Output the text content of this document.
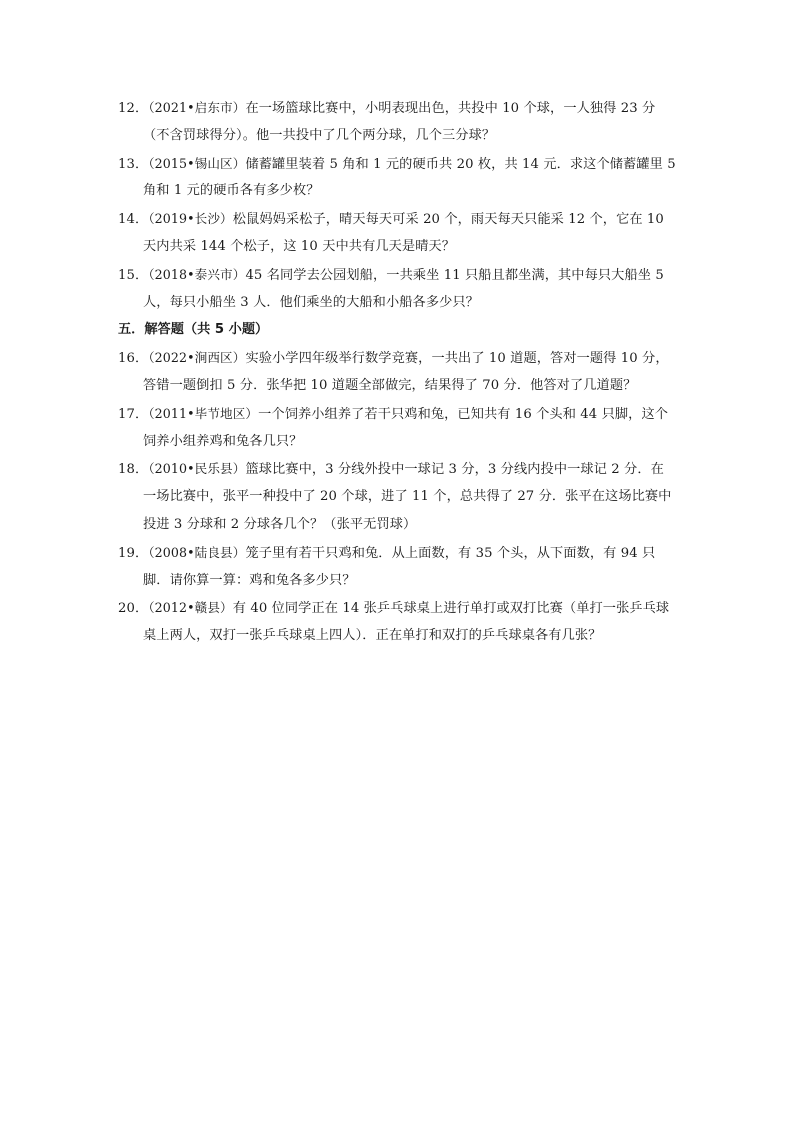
12．（2021•启东市）在一场篮球比赛中，小明表现出色，共投中 10 个球，一人独得 23 分
（不含罚球得分）。他一共投中了几个两分球，几个三分球？
13．（2015•锡山区）储蓄罐里装着 5 角和 1 元的硬币共 20 枚，共 14 元．求这个储蓄罐里 5
角和 1 元的硬币各有多少枚？
14．（2019•长沙）松鼠妈妈采松子，晴天每天可采 20 个，雨天每天只能采 12 个，它在 10
天内共采 144 个松子，这 10 天中共有几天是晴天？
15．（2018•泰兴市）45 名同学去公园划船，一共乘坐 11 只船且都坐满，其中每只大船坐 5
人，每只小船坐 3 人．他们乘坐的大船和小船各多少只？
五．解答题（共 5 小题）
16．（2022•涧西区）实验小学四年级举行数学竞赛，一共出了 10 道题，答对一题得 10 分，
答错一题倒扣 5 分．张华把 10 道题全部做完，结果得了 70 分．他答对了几道题？
17．（2011•毕节地区）一个饲养小组养了若干只鸡和兔，已知共有 16 个头和 44 只脚，这个
饲养小组养鸡和兔各几只？
18．（2010•民乐县）篮球比赛中，3 分线外投中一球记 3 分，3 分线内投中一球记 2 分．在
一场比赛中，张平一种投中了 20 个球，进了 11 个，总共得了 27 分．张平在这场比赛中
投进 3 分球和 2 分球各几个？（张平无罚球）
19．（2008•陆良县）笼子里有若干只鸡和兔．从上面数，有 35 个头，从下面数，有 94 只
脚．请你算一算：鸡和兔各多少只？
20．（2012•赣县）有 40 位同学正在 14 张乒乓球桌上进行单打或双打比赛（单打一张乒乓球
桌上两人，双打一张乒乓球桌上四人）．正在单打和双打的乒乓球桌各有几张？
